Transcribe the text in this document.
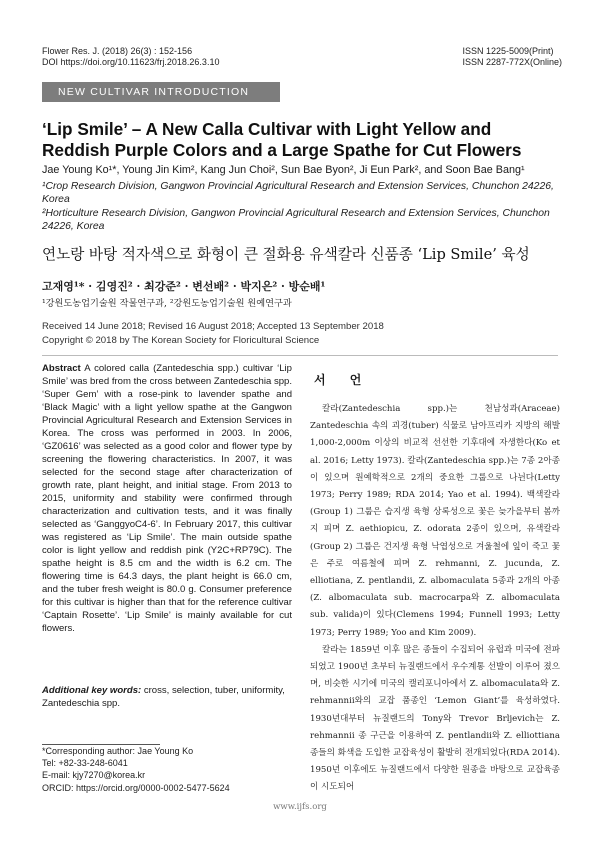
Flower Res. J. (2018) 26(3) : 152-156
DOI https://doi.org/10.11623/frj.2018.26.3.10
ISSN 1225-5009(Print)
ISSN 2287-772X(Online)
NEW CULTIVAR INTRODUCTION
‘Lip Smile’ – A New Calla Cultivar with Light Yellow and Reddish Purple Colors and a Large Spathe for Cut Flowers
Jae Young Ko¹*, Young Jin Kim², Kang Jun Choi², Sun Bae Byon², Ji Eun Park², and Soon Bae Bang¹
¹Crop Research Division, Gangwon Provincial Agricultural Research and Extension Services, Chunchon 24226, Korea
²Horticulture Research Division, Gangwon Provincial Agricultural Research and Extension Services, Chunchon 24226, Korea
연노랑 바탕 적자색으로 화형이 큰 절화용 유색칼라 신품종 ‘Lip Smile’ 육성
고재영¹* · 김영진² · 최강준² · 변선배² · 박지은² · 방순배¹
¹강원도농업기술원 작물연구과, ²강원도농업기술원 원예연구과
Received 14 June 2018; Revised 16 August 2018; Accepted 13 September 2018
Copyright © 2018 by The Korean Society for Floricultural Science
Abstract A colored calla (Zantedeschia spp.) cultivar ‘Lip Smile’ was bred from the cross between Zantedeschia spp. ‘Super Gem’ with a rose-pink to lavender spathe and ‘Black Magic’ with a light yellow spathe at the Gangwon Provincial Agricultural Research and Extension Services in Korea. The cross was performed in 2003. In 2006, ‘GZ0616’ was selected as a good color and flower type by screening the flowering characteristics. In 2007, it was selected for the second stage after characterization of growth rate, plant height, and initial stage. From 2013 to 2015, uniformity and stability were confirmed through characterization and cultivation tests, and it was finally selected as ‘GanggyoC4-6’. In February 2017, this cultivar was registered as ‘Lip Smile’. The main outside spathe color is light yellow and reddish pink (Y2C+RP79C). The spathe height is 8.5 cm and the width is 6.2 cm. The flowering time is 64.3 days, the plant height is 66.0 cm, and the tuber fresh weight is 80.0 g. Consumer preference for this cultivar is higher than that for the reference cultivar ‘Captain Rosette’. ‘Lip Smile’ is mainly available for cut flowers.
Additional key words: cross, selection, tuber, uniformity, Zantedeschia spp.
*Corresponding author: Jae Young Ko
Tel: +82-33-248-6041
E-mail: kjy7270@korea.kr
ORCID: https://orcid.org/0000-0002-5477-5624
서 언

칼라(Zantedeschia spp.)는 천남성과(Araceae) Zantedeschia 속의 괴경(tuber) 식물로 남아프리카 지방의 해발 1,000-2,000m 이상의 비교적 선선한 기후대에 자생한다(Ko et al. 2016; Letty 1973). 칼라(Zantedeschia spp.)는 7종 2아종이 있으며 원예학적으로 2개의 중요한 그룹으로 나뉜다(Letty 1973; Perry 1989; RDA 2014; Yao et al. 1994). 백색칼라(Group 1) 그룹은 습지생 육형 상록성으로 꽃은 늦가을부터 봄까지 피며 Z. aethiopicu, Z. odorata 2종이 있으며, 유색칼라(Group 2) 그룹은 건지생 육형 낙엽성으로 겨울철에 잎이 죽고 꽃은 주로 여름철에 피며 Z. rehmanni, Z. jucunda, Z. elliotiana, Z. pentlandii, Z. albomaculata 5종과 2개의 아종(Z. albomaculata sub. macrocarpa와 Z. albomaculata sub. valida)이 있다(Clemens 1994; Funnell 1993; Letty 1973; Perry 1989; Yoo and Kim 2009).

칼라는 1859년 이후 많은 종들이 수집되어 유럽과 미국에 전파되었고 1900년 초부터 뉴질랜드에서 우수계통 선발이 이루어 졌으며, 비슷한 시기에 미국의 캘리포니아에서 Z. albomaculata와 Z. rehmannii와의 교잡 품종인 ‘Lemon Giant’를 육성하였다. 1930년대부터 뉴질랜드의 Tony와 Trevor Brljevich는 Z. rehmannii 종 구근을 이용하여 Z. pentlandii와 Z. elliottiana 종들의 화색을 도입한 교잡육성이 활발히 전개되었다(RDA 2014). 1950년 이후에도 뉴질랜드에서 다양한 원종을 바탕으로 교잡육종이 시도되어

www.ijfs.org
